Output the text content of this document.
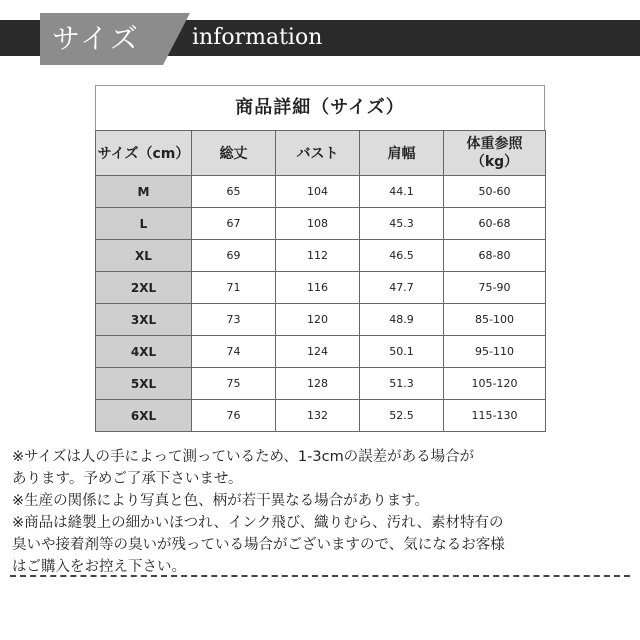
サイズ information
商品詳細（サイズ）
サイズ（cm）	総丈	バスト	肩幅	体重参照
（kg）

M	65	104	44.1	50-60
L	67	108	45.3	60-68
XL	69	112	46.5	68-80
2XL	71	116	47.7	75-90
3XL	73	120	48.9	85-100
4XL	74	124	50.1	95-110
5XL	75	128	51.3	105-120
6XL	76	132	52.5	115-130

※サイズは人の手によって測っているため、1-3cmの誤差がある場合が

あります。予めご了承下さいませ。

※生産の関係により写真と色、柄が若干異なる場合があります。

※商品は縫製上の細かいほつれ、インク飛び、織りむら、汚れ、素材特有の

臭いや接着剤等の臭いが残っている場合がございますので、気になるお客様

はご購入をお控え下さい。
